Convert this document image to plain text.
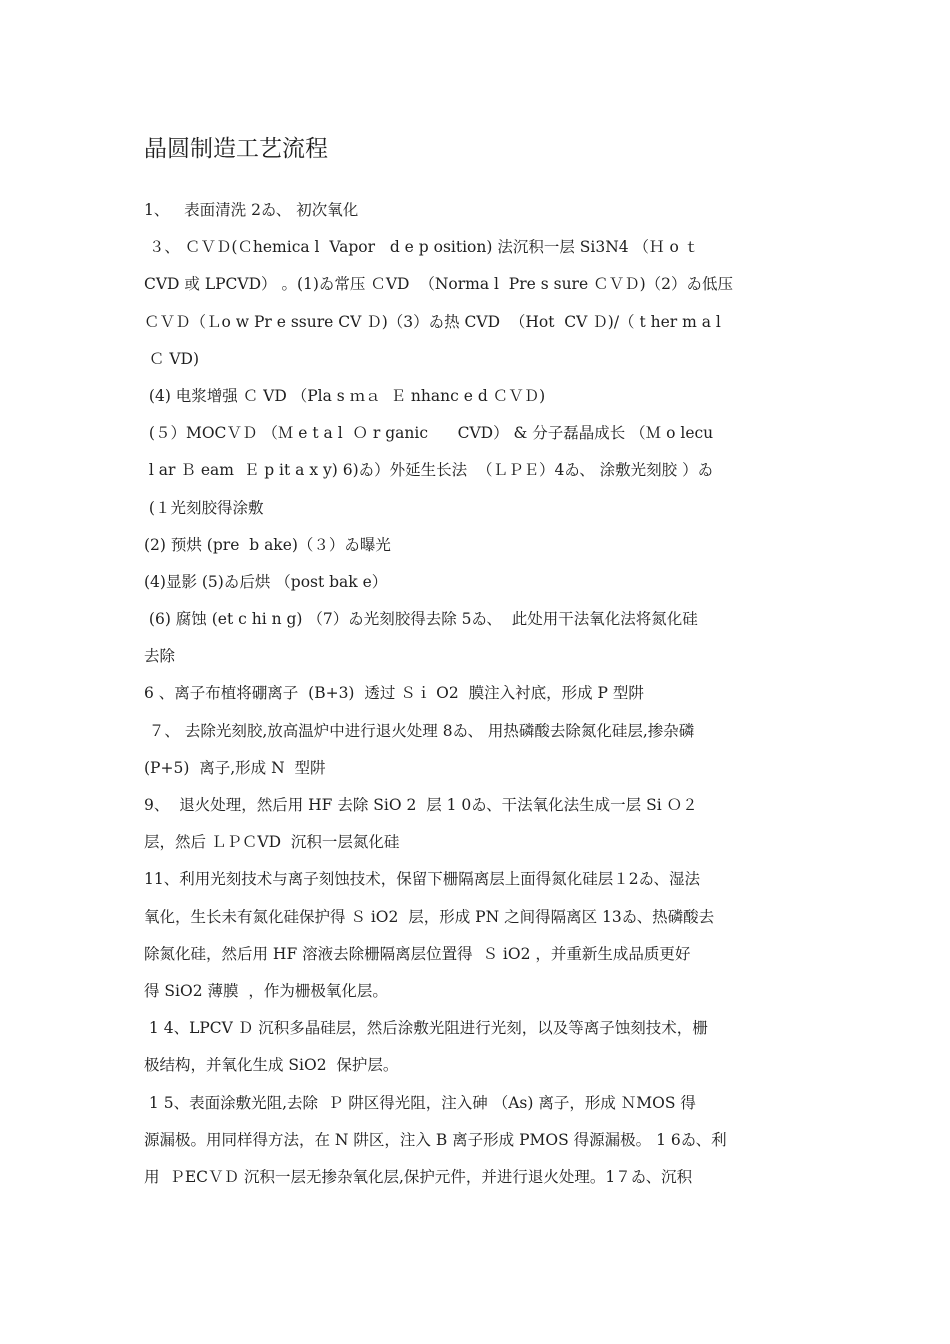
晶圆制造工艺流程
1、   表面清洗 2ゐ、 初次氧化
３、 ＣＶＤ(Ｃhemica l  Vapor   d e p osition) 法沉积一层 Si3N4 （Ｈ o ｔ
CVD 或 LPCVD） 。(1)ゐ常压 ＣVD  （Norma l  Pre s sure ＣＶＤ)（2）ゐ低压
ＣＶＤ（Ｌo w Pr e ssure CV Ｄ)（3）ゐ热 CVD  （Hot  CV Ｄ)/（ t her m a l
Ｃ VD)
(4) 电浆增强 Ｃ VD （Pla s ｍａ  Ｅ nhanc e d ＣＶＤ)
(５）MOCＶＤ （Ｍ e t a l  Ｏ r ganic      CVD） & 分子磊晶成长 （Ｍ o lecu
l ar Ｂ eam  Ｅ p it a x y) 6)ゐ）外延生长法  （ＬＰＥ）4ゐ、 涂敷光刻胶 ）ゐ
(１光刻胶得涂敷
(2) 预烘 (pre  b ake)（３）ゐ曝光
(4)显影 (5)ゐ后烘 （post bak e）
(6) 腐蚀 (et c hi n g) （7）ゐ光刻胶得去除 5ゐ、  此处用干法氧化法将氮化硅
去除
6 、离子布植将硼离子  (B+3)  透过 Ｓｉ O2  膜注入衬底，形成 P 型阱
７、 去除光刻胶,放高温炉中进行退火处理 8ゐ、 用热磷酸去除氮化硅层,掺杂磷
(P+5)  离子,形成 N  型阱
9、  退火处理，然后用 HF 去除 SiO 2  层 1 0ゐ、干法氧化法生成一层 Si Ｏ２
层，然后 ＬＰＣVD  沉积一层氮化硅
11、利用光刻技术与离子刻蚀技术，保留下栅隔离层上面得氮化硅层１2ゐ、湿法
氧化，生长未有氮化硅保护得 Ｓ iO2  层，形成 PN 之间得隔离区 13ゐ、热磷酸去
除氮化硅，然后用 HF 溶液去除栅隔离层位置得  Ｓ iO2 ，并重新生成品质更好
得 SiO2 薄膜  ，作为栅极氧化层。
1 4、LPCV Ｄ 沉积多晶硅层，然后涂敷光阻进行光刻，以及等离子蚀刻技术，栅
极结构，并氧化生成 SiO2  保护层。
1 5、表面涂敷光阻,去除  Ｐ 阱区得光阻，注入砷 （As) 离子，形成 ＮMOS 得
源漏极。用同样得方法，在 N 阱区，注入 B 离子形成 PMOS 得源漏极。 1 6ゐ、利
用  ＰECＶＤ 沉积一层无掺杂氧化层,保护元件，并进行退火处理。1７ゐ、沉积
